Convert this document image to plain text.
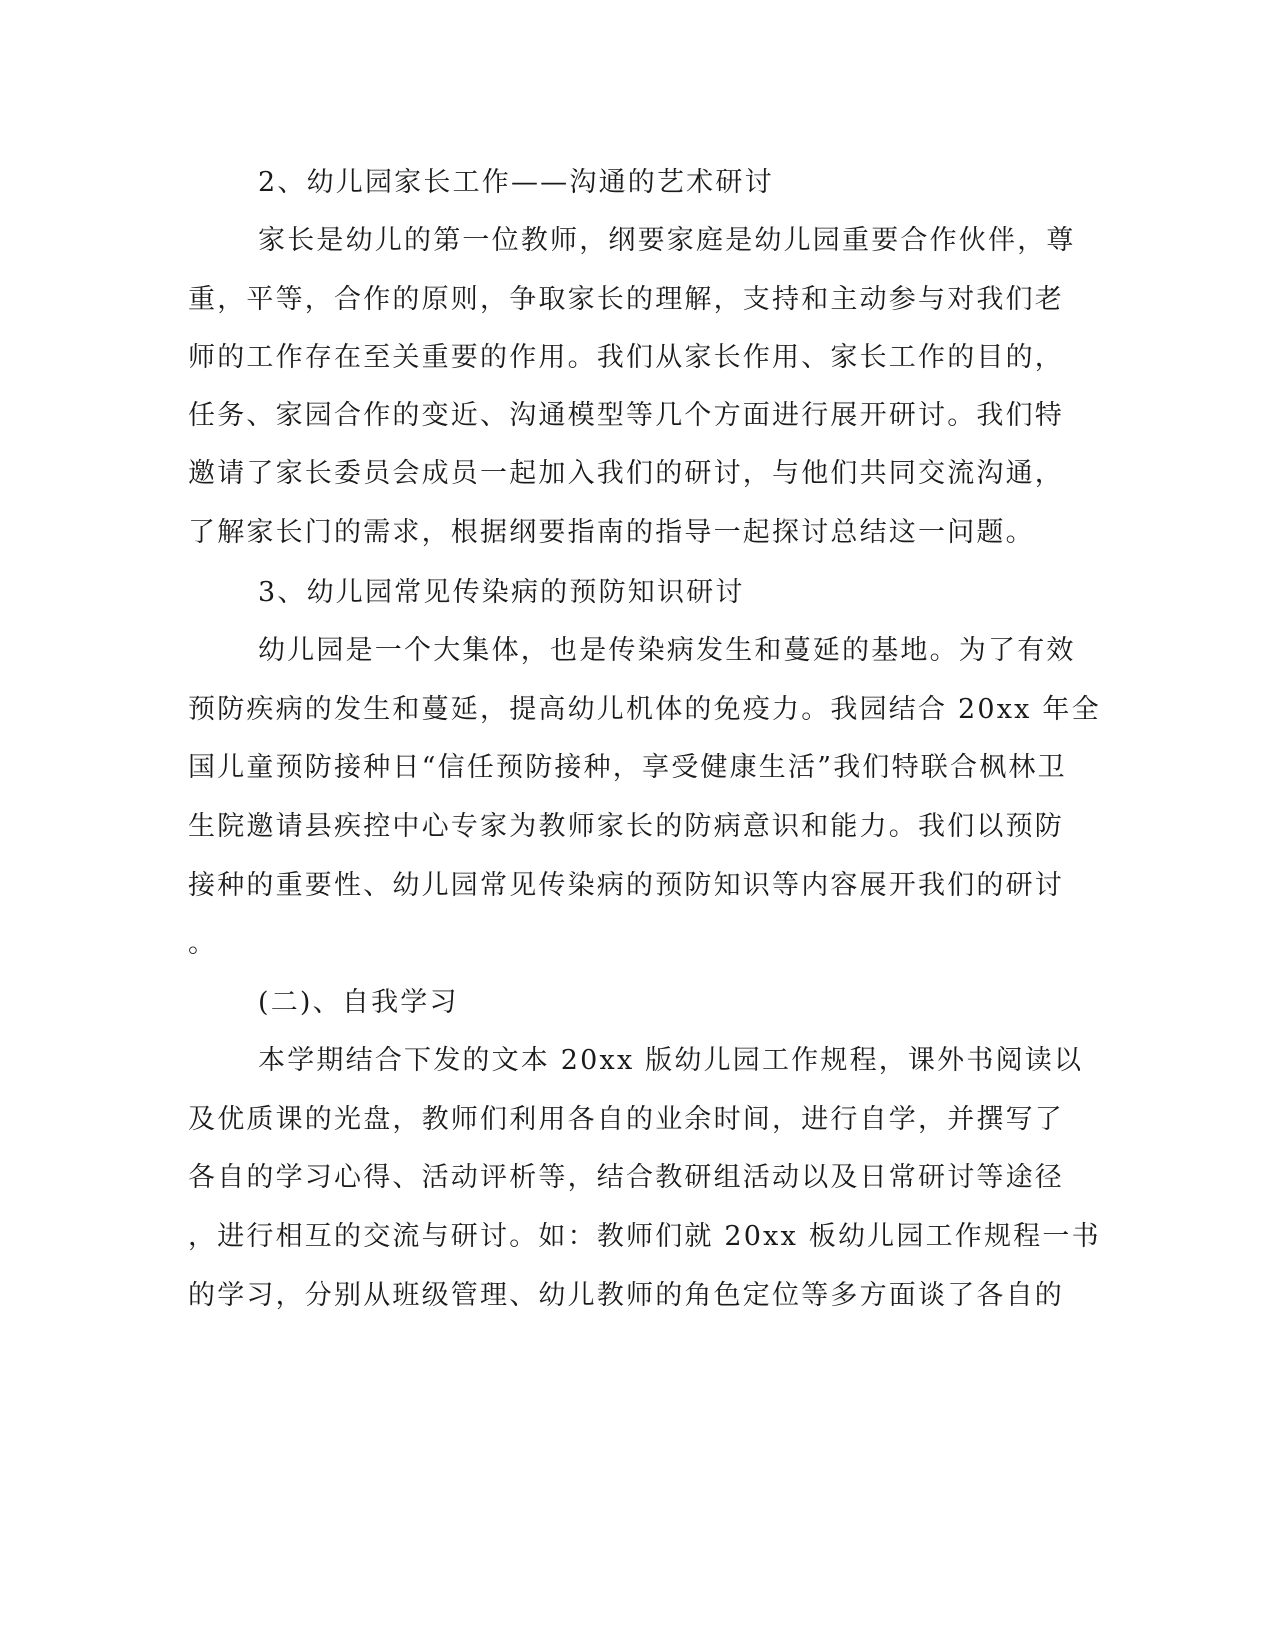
2、幼儿园家长工作——沟通的艺术研讨
家长是幼儿的第一位教师，纲要家庭是幼儿园重要合作伙伴，尊
重，平等，合作的原则，争取家长的理解，支持和主动参与对我们老
师的工作存在至关重要的作用。我们从家长作用、家长工作的目的，
任务、家园合作的变近、沟通模型等几个方面进行展开研讨。我们特
邀请了家长委员会成员一起加入我们的研讨，与他们共同交流沟通，
了解家长门的需求，根据纲要指南的指导一起探讨总结这一问题。
3、幼儿园常见传染病的预防知识研讨
幼儿园是一个大集体，也是传染病发生和蔓延的基地。为了有效
预防疾病的发生和蔓延，提高幼儿机体的免疫力。我园结合 20xx 年全
国儿童预防接种日“信任预防接种，享受健康生活”我们特联合枫林卫
生院邀请县疾控中心专家为教师家长的防病意识和能力。我们以预防
接种的重要性、幼儿园常见传染病的预防知识等内容展开我们的研讨
。
(二)、自我学习
本学期结合下发的文本 20xx 版幼儿园工作规程，课外书阅读以
及优质课的光盘，教师们利用各自的业余时间，进行自学，并撰写了
各自的学习心得、活动评析等，结合教研组活动以及日常研讨等途径
，进行相互的交流与研讨。如：教师们就 20xx 板幼儿园工作规程一书
的学习，分别从班级管理、幼儿教师的角色定位等多方面谈了各自的
